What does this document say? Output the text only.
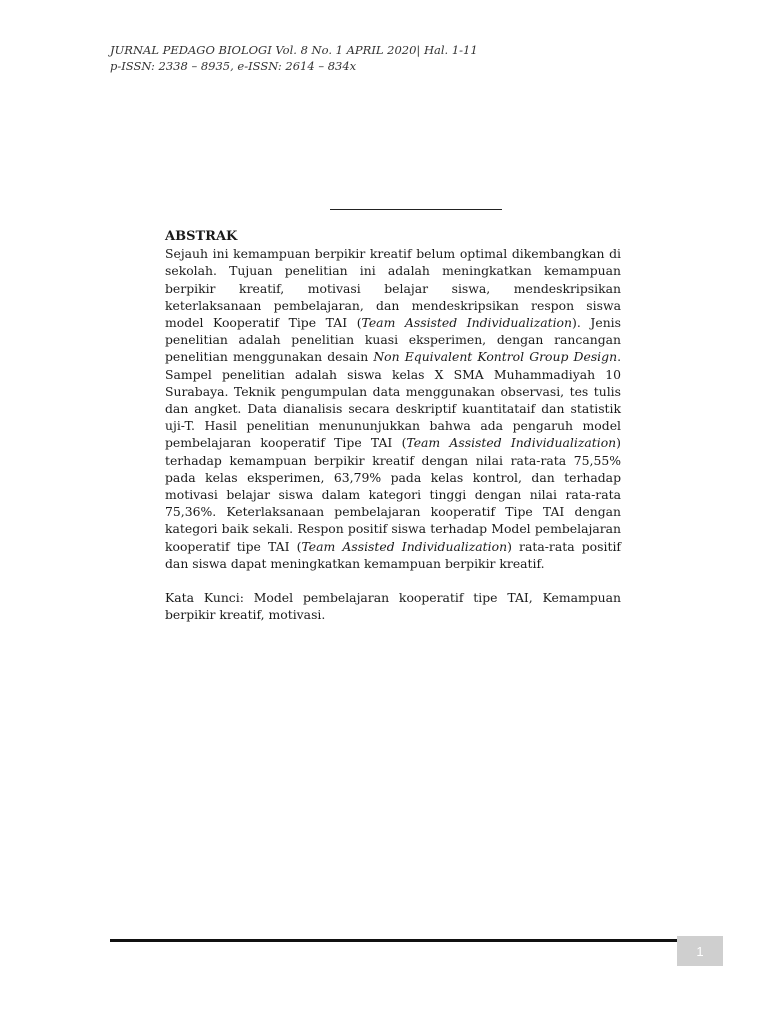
JURNAL PEDAGO BIOLOGI Vol. 8 No. 1 APRIL 2020| Hal. 1-11
p-ISSN: 2338 – 8935, e-ISSN: 2614 – 834x

ABSTRAK

Sejauh ini kemampuan berpikir kreatif belum optimal dikembangkan di sekolah. Tujuan penelitian ini adalah meningkatkan kemampuan berpikir kreatif, motivasi belajar siswa, mendeskripsikan keterlaksanaan pembelajaran, dan mendeskripsikan respon siswa model Kooperatif Tipe TAI (Team Assisted Individualization). Jenis penelitian adalah penelitian kuasi eksperimen, dengan rancangan penelitian menggunakan desain Non Equivalent Kontrol Group Design. Sampel penelitian adalah siswa kelas X SMA Muhammadiyah 10 Surabaya. Teknik pengumpulan data menggunakan observasi, tes tulis dan angket. Data dianalisis secara deskriptif kuantitataif dan statistik uji-T. Hasil penelitian menununjukkan bahwa ada pengaruh model pembelajaran kooperatif Tipe TAI (Team Assisted Individualization) terhadap kemampuan berpikir kreatif dengan nilai rata-rata 75,55% pada kelas eksperimen, 63,79% pada kelas kontrol, dan terhadap motivasi belajar siswa dalam kategori tinggi dengan nilai rata-rata 75,36%. Keterlaksanaan pembelajaran kooperatif Tipe TAI dengan kategori baik sekali. Respon positif siswa terhadap Model pembelajaran kooperatif tipe TAI (Team Assisted Individualization) rata-rata positif dan siswa dapat meningkatkan kemampuan berpikir kreatif.

Kata Kunci: Model pembelajaran kooperatif tipe TAI, Kemampuan berpikir kreatif, motivasi.

1
